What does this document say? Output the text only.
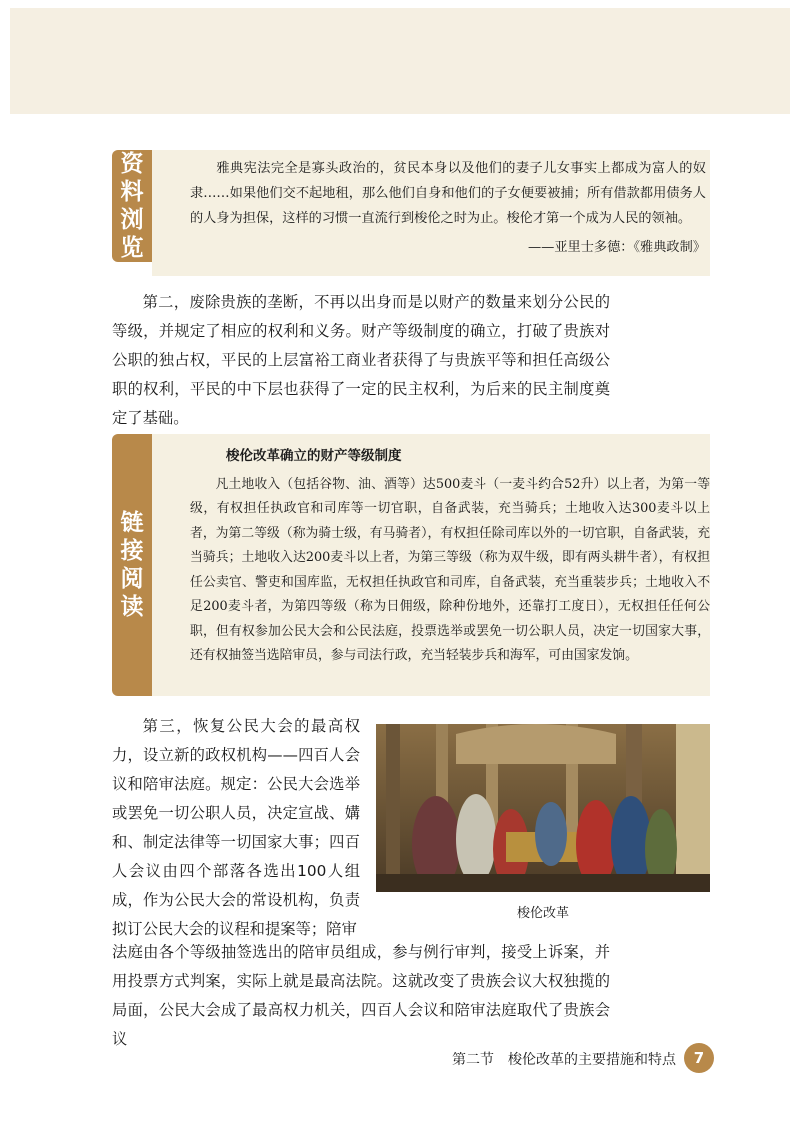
资
料
浏
览

雅典宪法完全是寡头政治的，贫民本身以及他们的妻子儿女事实上都成为富人的奴隶……如果他们交不起地租，那么他们自身和他们的子女便要被捕；所有借款都用债务人的人身为担保，这样的习惯一直流行到梭伦之时为止。梭伦才第一个成为人民的领袖。

——亚里士多德：《雅典政制》

第二，废除贵族的垄断，不再以出身而是以财产的数量来划分公民的等级，并规定了相应的权利和义务。财产等级制度的确立，打破了贵族对公职的独占权，平民的上层富裕工商业者获得了与贵族平等和担任高级公职的权利，平民的中下层也获得了一定的民主权利，为后来的民主制度奠定了基础。

链
接
阅
读
梭伦改革确立的财产等级制度

凡土地收入（包括谷物、油、酒等）达500麦斗（一麦斗约合52升）以上者，为第一等级，有权担任执政官和司库等一切官职，自备武装，充当骑兵；土地收入达300麦斗以上者，为第二等级（称为骑士级，有马骑者），有权担任除司库以外的一切官职，自备武装，充当骑兵；土地收入达200麦斗以上者，为第三等级（称为双牛级，即有两头耕牛者），有权担任公卖官、警吏和国库监，无权担任执政官和司库，自备武装，充当重装步兵；土地收入不足200麦斗者，为第四等级（称为日佣级，除种份地外，还靠打工度日），无权担任任何公职，但有权参加公民大会和公民法庭，投票选举或罢免一切公职人员，决定一切国家大事，还有权抽签当选陪审员，参与司法行政，充当轻装步兵和海军，可由国家发饷。

第三，恢复公民大会的最高权力，设立新的政权机构——四百人会议和陪审法庭。规定：公民大会选举或罢免一切公职人员，决定宣战、媾和、制定法律等一切国家大事；四百人会议由四个部落各选出100人组成，作为公民大会的常设机构，负责拟订公民大会的议程和提案等；陪审

法庭由各个等级抽签选出的陪审员组成，参与例行审判，接受上诉案，并用投票方式判案，实际上就是最高法院。这就改变了贵族会议大权独揽的局面，公民大会成了最高权力机关，四百人会议和陪审法庭取代了贵族会议

梭伦改革
第二节　梭伦改革的主要措施和特点	7
